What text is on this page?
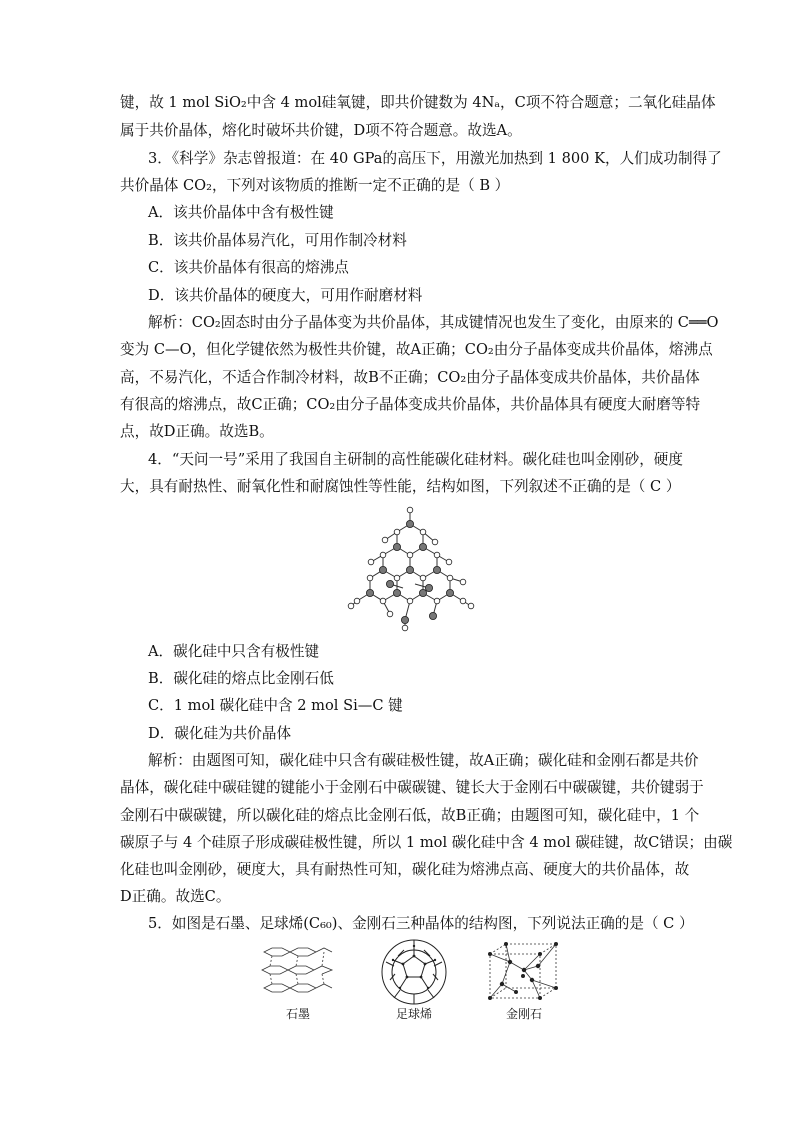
键，故 1 mol SiO₂中含 4 mol硅氧键，即共价键数为 4Nₐ，C项不符合题意；二氧化硅晶体
属于共价晶体，熔化时破坏共价键，D项不符合题意。故选A。
3．《科学》杂志曾报道：在 40 GPa的高压下，用激光加热到 1 800 K，人们成功制得了
共价晶体 CO₂，下列对该物质的推断一定不正确的是（ B ）
A．该共价晶体中含有极性键
B．该共价晶体易汽化，可用作制冷材料
C．该共价晶体有很高的熔沸点
D．该共价晶体的硬度大，可用作耐磨材料
解析：CO₂固态时由分子晶体变为共价晶体，其成键情况也发生了变化，由原来的 C══O
变为 C—O，但化学键依然为极性共价键，故A正确；CO₂由分子晶体变成共价晶体，熔沸点
高，不易汽化，不适合作制冷材料，故B不正确；CO₂由分子晶体变成共价晶体，共价晶体
有很高的熔沸点，故C正确；CO₂由分子晶体变成共价晶体，共价晶体具有硬度大耐磨等特
点，故D正确。故选B。
4．“天问一号”采用了我国自主研制的高性能碳化硅材料。碳化硅也叫金刚砂，硬度
大，具有耐热性、耐氧化性和耐腐蚀性等性能，结构如图，下列叙述不正确的是（ C ）
A．碳化硅中只含有极性键
B．碳化硅的熔点比金刚石低
C．1 mol 碳化硅中含 2 mol Si—C 键
D．碳化硅为共价晶体
解析：由题图可知，碳化硅中只含有碳硅极性键，故A正确；碳化硅和金刚石都是共价
晶体，碳化硅中碳硅键的键能小于金刚石中碳碳键、键长大于金刚石中碳碳键，共价键弱于
金刚石中碳碳键，所以碳化硅的熔点比金刚石低，故B正确；由题图可知，碳化硅中，1 个
碳原子与 4 个硅原子形成碳硅极性键，所以 1 mol 碳化硅中含 4 mol 碳硅键，故C错误；由碳
化硅也叫金刚砂，硬度大，具有耐热性可知，碳化硅为熔沸点高、硬度大的共价晶体，故
D正确。故选C。
5．如图是石墨、足球烯(C₆₀)、金刚石三种晶体的结构图，下列说法正确的是（ C ）
石墨	足球烯	金刚石
